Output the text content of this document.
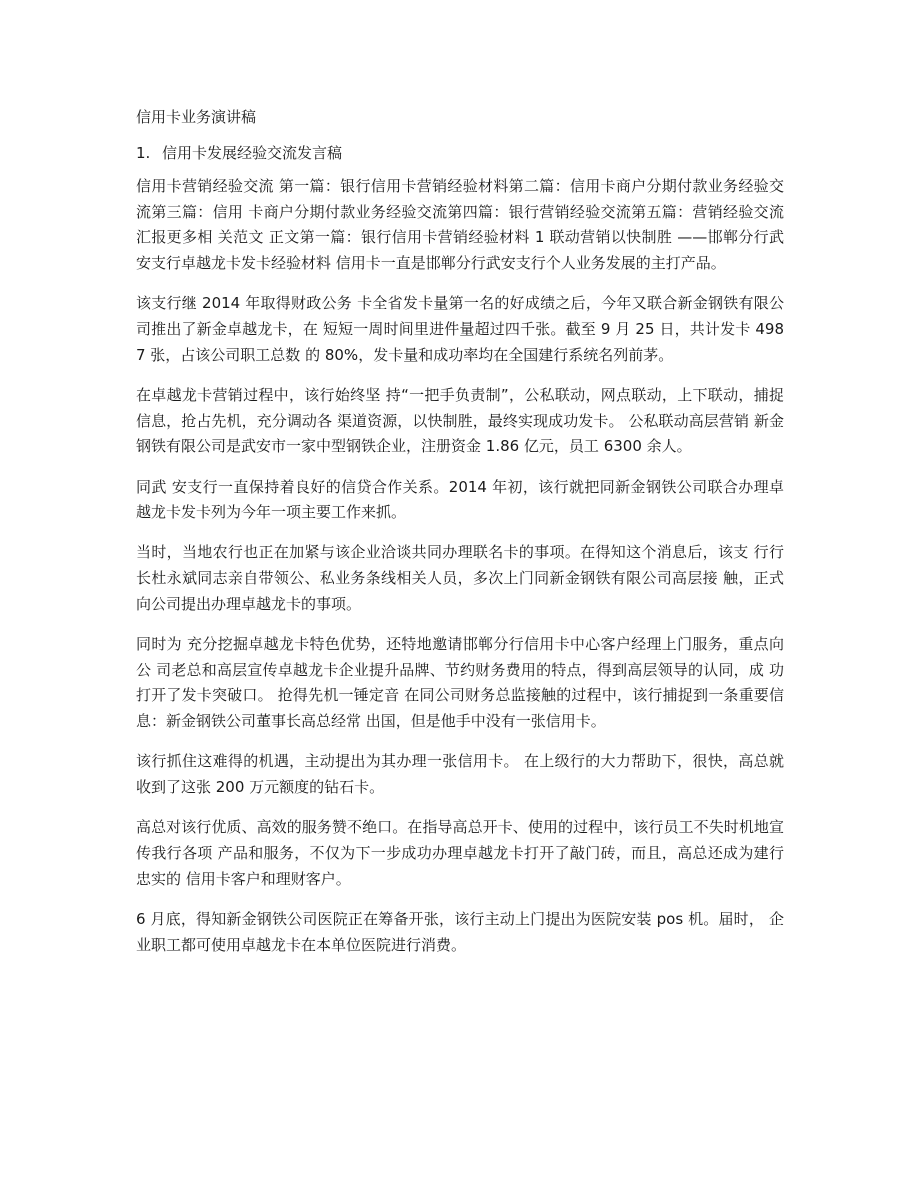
信用卡业务演讲稿
1. 信用卡发展经验交流发言稿

信用卡营销经验交流 第一篇：银行信用卡营销经验材料第二篇：信用卡商户分期付款业务经验交流第三篇：信用 卡商户分期付款业务经验交流第四篇：银行营销经验交流第五篇：营销经验交流汇报更多相 关范文 正文第一篇：银行信用卡营销经验材料 1 联动营销以快制胜 ——邯郸分行武安支行卓越龙卡发卡经验材料 信用卡一直是邯郸分行武安支行个人业务发展的主打产品。

该支行继 2014 年取得财政公务 卡全省发卡量第一名的好成绩之后，今年又联合新金钢铁有限公司推出了新金卓越龙卡，在 短短一周时间里进件量超过四千张。截至 9 月 25 日，共计发卡 4987 张，占该公司职工总数 的 80%，发卡量和成功率均在全国建行系统名列前茅。

在卓越龙卡营销过程中，该行始终坚 持“一把手负责制”，公私联动，网点联动，上下联动，捕捉信息，抢占先机，充分调动各 渠道资源，以快制胜，最终实现成功发卡。 公私联动高层营销 新金钢铁有限公司是武安市一家中型钢铁企业，注册资金 1.86 亿元，员工 6300 余人。

同武 安支行一直保持着良好的信贷合作关系。2014 年初，该行就把同新金钢铁公司联合办理卓 越龙卡发卡列为今年一项主要工作来抓。

当时，当地农行也正在加紧与该企业洽谈共同办理联名卡的事项。在得知这个消息后，该支 行行长杜永斌同志亲自带领公、私业务条线相关人员，多次上门同新金钢铁有限公司高层接 触，正式向公司提出办理卓越龙卡的事项。

同时为 充分挖掘卓越龙卡特色优势，还特地邀请邯郸分行信用卡中心客户经理上门服务，重点向公 司老总和高层宣传卓越龙卡企业提升品牌、节约财务费用的特点，得到高层领导的认同，成 功打开了发卡突破口。 抢得先机一锤定音 在同公司财务总监接触的过程中，该行捕捉到一条重要信息：新金钢铁公司董事长高总经常 出国，但是他手中没有一张信用卡。

该行抓住这难得的机遇，主动提出为其办理一张信用卡。 在上级行的大力帮助下，很快，高总就收到了这张 200 万元额度的钻石卡。

高总对该行优质、高效的服务赞不绝口。在指导高总开卡、使用的过程中，该行员工不失时机地宣传我行各项 产品和服务，不仅为下一步成功办理卓越龙卡打开了敲门砖，而且，高总还成为建行忠实的 信用卡客户和理财客户。

6 月底，得知新金钢铁公司医院正在筹备开张，该行主动上门提出为医院安装 pos 机。届时， 企业职工都可使用卓越龙卡在本单位医院进行消费。
